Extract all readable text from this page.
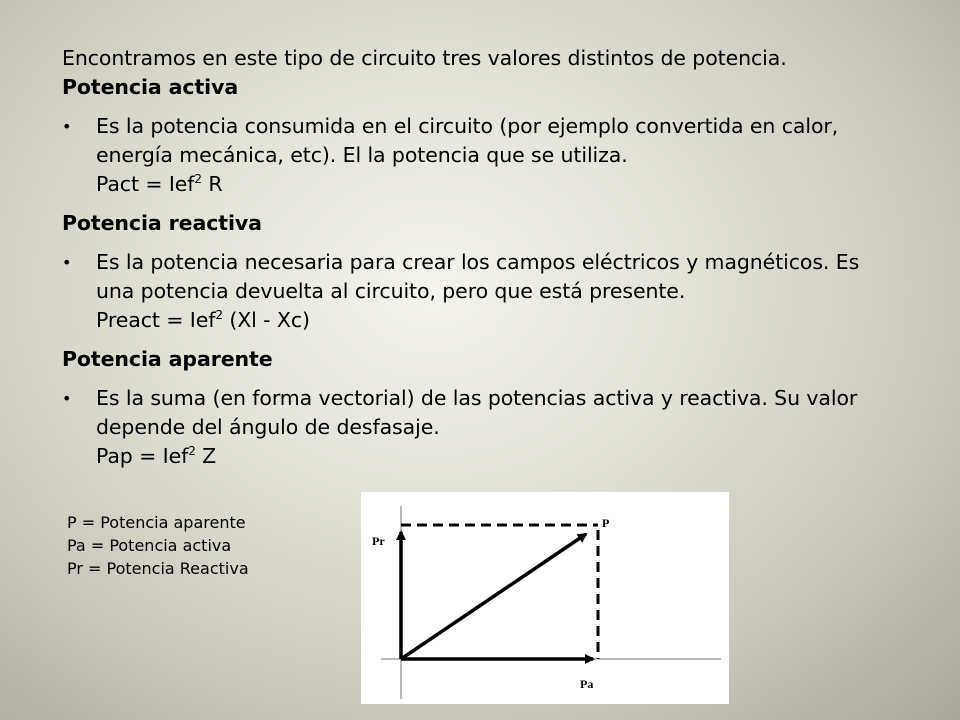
Encontramos en este tipo de circuito tres valores distintos de potencia.

Potencia activa

•	Es la potencia consumida en el circuito (por ejemplo convertida en calor,

energía mecánica, etc). El la potencia que se utiliza.

Pact = Ief$^2$ R

Potencia reactiva

•	Es la potencia necesaria para crear los campos eléctricos y magnéticos. Es

una potencia devuelta al circuito, pero que está presente.

Preact = Ief$^2$ (Xl - Xc)

Potencia aparente

•	Es la suma (en forma vectorial) de las potencias activa y reactiva. Su valor

depende del ángulo de desfasaje.

Pap = Ief$^2$ Z

P = Potencia aparente
Pa = Potencia activa
Pr = Potencia Reactiva
P
Pr
Pa
